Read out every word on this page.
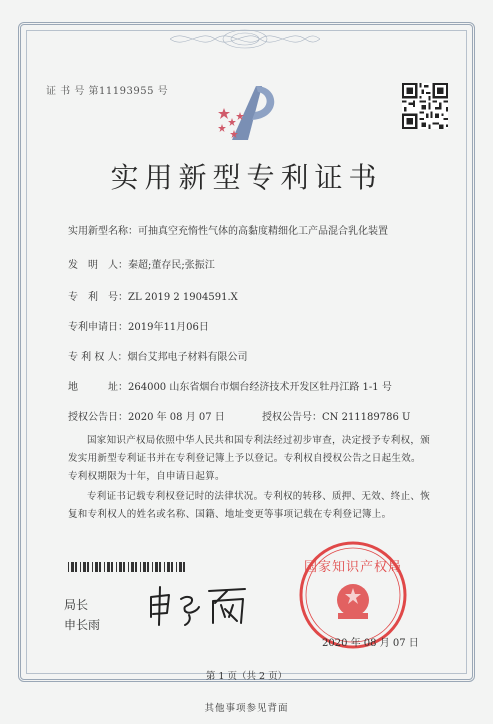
证 书 号 第11193955 号
实用新型专利证书
实用新型名称：可抽真空充惰性气体的高黏度精细化工产品混合乳化装置
发　明　人：秦超;董存民;张振江
专　利　号：ZL 2019 2 1904591.X
专利申请日：2019年11月06日
专 利 权 人：烟台艾邦电子材料有限公司
地　　　址：264000 山东省烟台市烟台经济技术开发区牡丹江路 1-1 号
授权公告日：2020 年 08 月 07 日	授权公告号：CN 211189786 U
国家知识产权局依照中华人民共和国专利法经过初步审查，决定授予专利权，颁发实用新型专利证书并在专利登记簿上予以登记。专利权自授权公告之日起生效。专利权期限为十年，自申请日起算。
专利证书记载专利权登记时的法律状况。专利权的转移、质押、无效、终止、恢复和专利权人的姓名或名称、国籍、地址变更等事项记载在专利登记簿上。
局长
申长雨
国家知识产权局
2020 年 08 月 07 日
第 1 页（共 2 页）
其他事项参见背面
